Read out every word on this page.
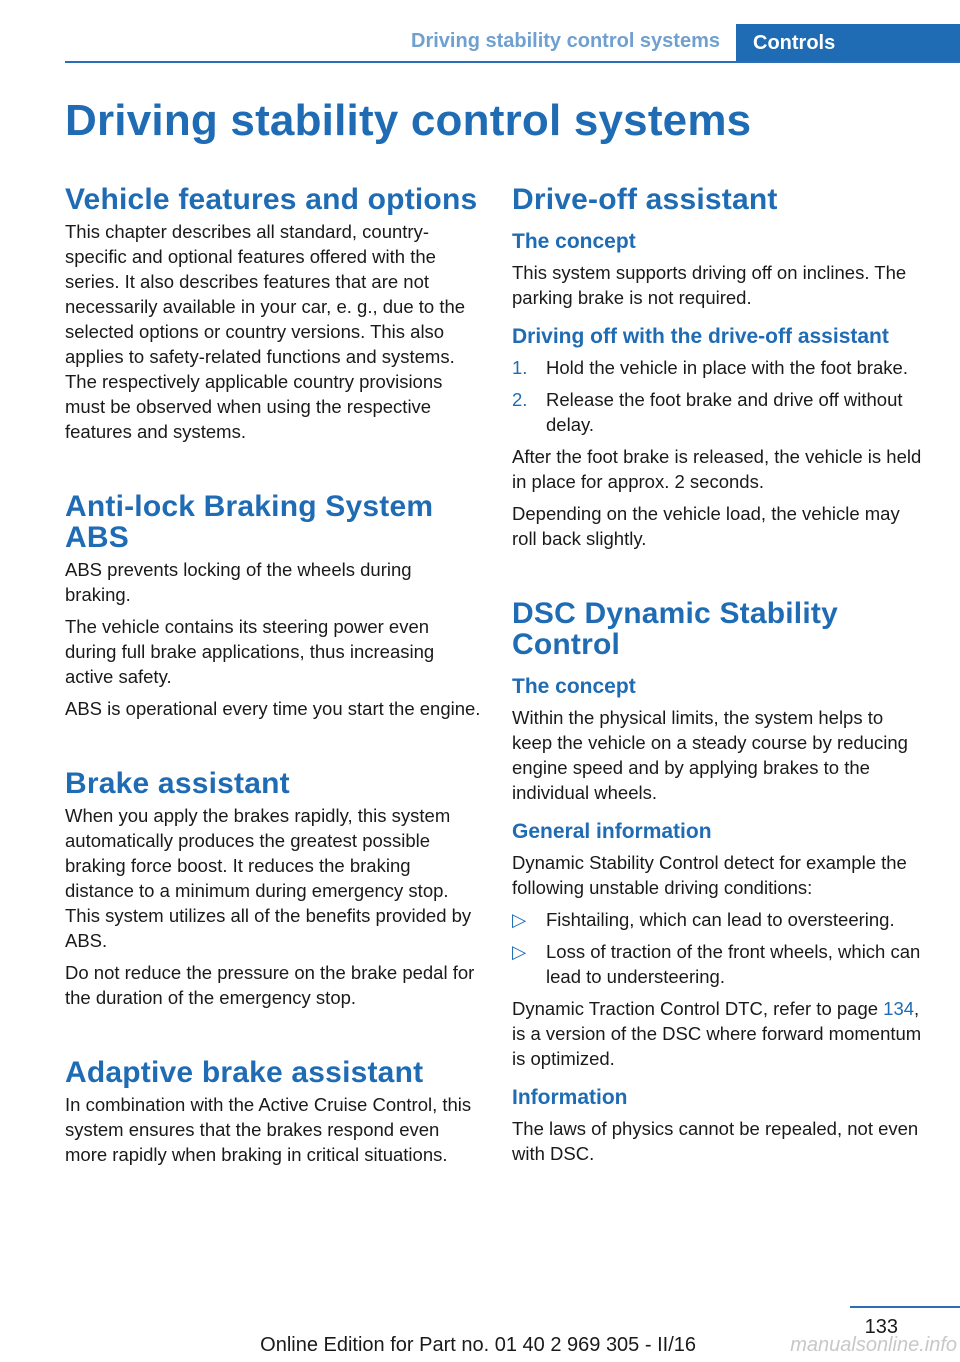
Driving stability control systems	Controls
Driving stability control systems
Vehicle features and options

This chapter describes all standard, country-specific and optional features offered with the series. It also describes features that are not necessarily available in your car, e. g., due to the selected options or country versions. This also applies to safety-related functions and systems. The respectively applicable country provisions must be observed when using the respective features and systems.

Anti-lock Braking System ABS

ABS prevents locking of the wheels during braking.

The vehicle contains its steering power even during full brake applications, thus increasing active safety.

ABS is operational every time you start the engine.

Brake assistant

When you apply the brakes rapidly, this system automatically produces the greatest possible braking force boost. It reduces the braking distance to a minimum during emergency stop. This system utilizes all of the benefits provided by ABS.

Do not reduce the pressure on the brake pedal for the duration of the emergency stop.

Adaptive brake assistant

In combination with the Active Cruise Control, this system ensures that the brakes respond even more rapidly when braking in critical situations.

Drive-off assistant
The concept

This system supports driving off on inclines. The parking brake is not required.

Driving off with the drive-off assistant
1.	Hold the vehicle in place with the foot brake.
2.	Release the foot brake and drive off without delay.

After the foot brake is released, the vehicle is held in place for approx. 2 seconds.

Depending on the vehicle load, the vehicle may roll back slightly.

DSC Dynamic Stability Control
The concept

Within the physical limits, the system helps to keep the vehicle on a steady course by reducing engine speed and by applying brakes to the individual wheels.

General information

Dynamic Stability Control detect for example the following unstable driving conditions:

▷	Fishtailing, which can lead to oversteering.
▷	Loss of traction of the front wheels, which can lead to understeering.

Dynamic Traction Control DTC, refer to page 134, is a version of the DSC where forward momentum is optimized.

Information

The laws of physics cannot be repealed, not even with DSC.

133
Online Edition for Part no. 01 40 2 969 305 - II/16	manualsonline.info
